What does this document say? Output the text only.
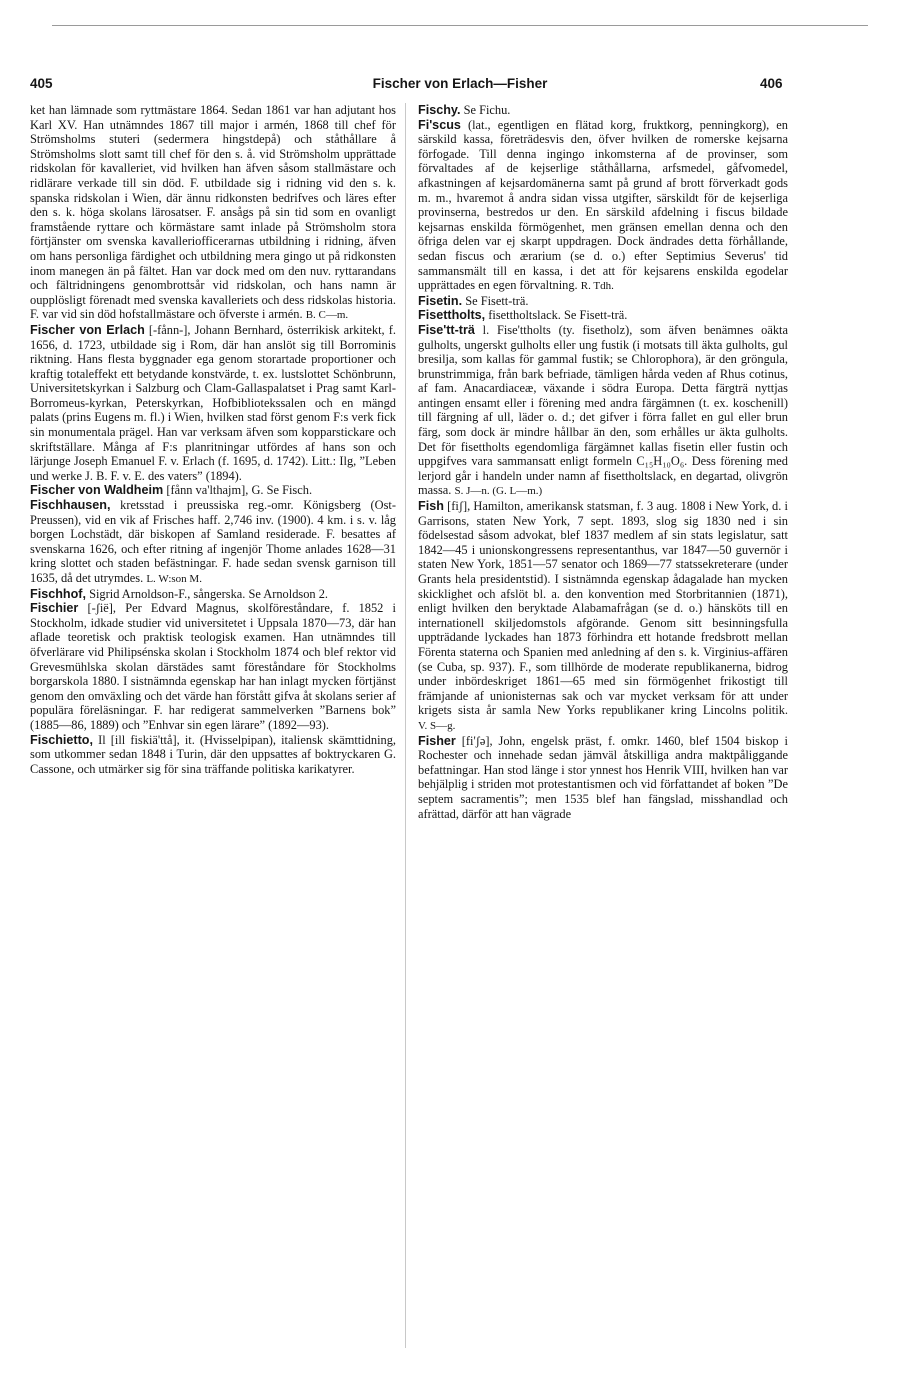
405	Fischer von Erlach—Fisher	406

ket han lämnade som ryttmästare 1864. Sedan 1861 var han adjutant hos Karl XV. Han utnämndes 1867 till major i armén, 1868 till chef för Strömsholms stuteri (sedermera hingstdepå) och ståthållare å Strömsholms slott samt till chef för den s. å. vid Strömsholm upprättade ridskolan för kavalleriet, vid hvilken han äfven såsom stallmästare och ridlärare verkade till sin död. F. utbildade sig i ridning vid den s. k. spanska ridskolan i Wien, där ännu ridkonsten bedrifves och läres efter den s. k. höga skolans lärosatser. F. ansågs på sin tid som en ovanligt framstående ryttare och körmästare samt inlade på Strömsholm stora förtjänster om svenska kavalleriofficerarnas utbildning i ridning, äfven om hans personliga färdighet och utbildning mera gingo ut på ridkonsten inom manegen än på fältet. Han var dock med om den nuv. ryttarandans och fältridningens genombrottsår vid ridskolan, och hans namn är oupplösligt förenadt med svenska kavalleriets och dess ridskolas historia. F. var vid sin död hofstallmästare och öfverste i armén. B. C—m.

Fischer von Erlach [-fånn-], Johann Bernhard, österrikisk arkitekt, f. 1656, d. 1723, utbildade sig i Rom, där han anslöt sig till Borrominis riktning. Hans flesta byggnader ega genom storartade proportioner och kraftig totaleffekt ett betydande konstvärde, t. ex. lustslottet Schönbrunn, Universitetskyrkan i Salzburg och Clam-Gallaspalatset i Prag samt Karl-Borromeus-kyrkan, Peterskyrkan, Hofbibliotekssalen och en mängd palats (prins Eugens m. fl.) i Wien, hvilken stad först genom F:s verk fick sin monumentala prägel. Han var verksam äfven som kopparstickare och skriftställare. Många af F:s planritningar utfördes af hans son och lärjunge Joseph Emanuel F. v. Erlach (f. 1695, d. 1742). Litt.: Ilg, ”Leben und werke J. B. F. v. E. des vaters” (1894).

Fischer von Waldheim [fånn va'lthajm], G. Se Fisch.

Fischhausen, kretsstad i preussiska reg.-omr. Königsberg (Ost-Preussen), vid en vik af Frisches haff. 2,746 inv. (1900). 4 km. i s. v. låg borgen Lochstädt, där biskopen af Samland residerade. F. besattes af svenskarna 1626, och efter ritning af ingenjör Thome anlades 1628—31 kring slottet och staden befästningar. F. hade sedan svensk garnison till 1635, då det utrymdes. L. W:son M.

Fischhof, Sigrid Arnoldson-F., sångerska. Se Arnoldson 2.

Fischier [-ʃië], Per Edvard Magnus, skolföreståndare, f. 1852 i Stockholm, idkade studier vid universitetet i Uppsala 1870—73, där han aflade teoretisk och praktisk teologisk examen. Han utnämndes till öfverlärare vid Philipsénska skolan i Stockholm 1874 och blef rektor vid Grevesmühlska skolan därstädes samt föreståndare för Stockholms borgarskola 1880. I sistnämnda egenskap har han inlagt mycken förtjänst genom den omväxling och det värde han förstått gifva åt skolans serier af populära föreläsningar. F. har redigerat sammelverken ”Barnens bok” (1885—86, 1889) och ”Enhvar sin egen lärare” (1892—93).

Fischietto, Il [ill fiskiä'ttå], it. (Hvisselpipan), italiensk skämttidning, som utkommer sedan 1848 i Turin, där den uppsattes af boktryckaren G. Cassone, och utmärker sig för sina träffande politiska karikatyrer.

Fischy. Se Fichu.

Fi'scus (lat., egentligen en flätad korg, fruktkorg, penningkorg), en särskild kassa, företrädesvis den, öfver hvilken de romerske kejsarna förfogade. Till denna ingingo inkomsterna af de provinser, som förvaltades af de kejserlige ståthållarna, arfsmedel, gåfvomedel, afkastningen af kejsardomänerna samt på grund af brott förverkadt gods m. m., hvaremot å andra sidan vissa utgifter, särskildt för de kejserliga provinserna, bestredos ur den. En särskild afdelning i fiscus bildade kejsarnas enskilda förmögenhet, men gränsen emellan denna och den öfriga delen var ej skarpt uppdragen. Dock ändrades detta förhållande, sedan fiscus och ærarium (se d. o.) efter Septimius Severus' tid sammansmält till en kassa, i det att för kejsarens enskilda egodelar upprättades en egen förvaltning. R. Tdh.

Fisetin. Se Fisett-trä.

Fisettholts, fisettholtslack. Se Fisett-trä.

Fise'tt-trä l. Fise'ttholts (ty. fisetholz), som äfven benämnes oäkta gulholts, ungerskt gulholts eller ung fustik (i motsats till äkta gulholts, gul bresilja, som kallas för gammal fustik; se Chlorophora), är den gröngula, brunstrimmiga, från bark befriade, tämligen hårda veden af Rhus cotinus, af fam. Anacardiaceæ, växande i södra Europa. Detta färgträ nyttjas antingen ensamt eller i förening med andra färgämnen (t. ex. koschenill) till färgning af ull, läder o. d.; det gifver i förra fallet en gul eller brun färg, som dock är mindre hållbar än den, som erhålles ur äkta gulholts. Det för fisettholts egendomliga färgämnet kallas fisetin eller fustin och uppgifves vara sammansatt enligt formeln C₁₅H₁₀O₆. Dess förening med lerjord går i handeln under namn af fisettholtslack, en degartad, olivgrön massa. S. J—n. (G. L—m.)

Fish [fiʃ], Hamilton, amerikansk statsman, f. 3 aug. 1808 i New York, d. i Garrisons, staten New York, 7 sept. 1893, slog sig 1830 ned i sin födelsestad såsom advokat, blef 1837 medlem af sin stats legislatur, satt 1842—45 i unionskongressens representanthus, var 1847—50 guvernör i staten New York, 1851—57 senator och 1869—77 statssekreterare (under Grants hela presidentstid). I sistnämnda egenskap ådagalade han mycken skicklighet och afslöt bl. a. den konvention med Storbritannien (1871), enligt hvilken den beryktade Alabamafrågan (se d. o.) hänsköts till en internationell skiljedomstols afgörande. Genom sitt besinningsfulla uppträdande lyckades han 1873 förhindra ett hotande fredsbrott mellan Förenta staterna och Spanien med anledning af den s. k. Virginius-affären (se Cuba, sp. 937). F., som tillhörde de moderate republikanerna, bidrog under inbördeskriget 1861—65 med sin förmögenhet frikostigt till främjande af unionisternas sak och var mycket verksam för att under krigets sista år samla New Yorks republikaner kring Lincolns politik. V. S—g.

Fisher [fi'ʃə], John, engelsk präst, f. omkr. 1460, blef 1504 biskop i Rochester och innehade sedan jämväl åtskilliga andra maktpåliggande befattningar. Han stod länge i stor ynnest hos Henrik VIII, hvilken han var behjälplig i striden mot protestantismen och vid författandet af boken ”De septem sacramentis”; men 1535 blef han fängslad, misshandlad och afrättad, därför att han vägrade
